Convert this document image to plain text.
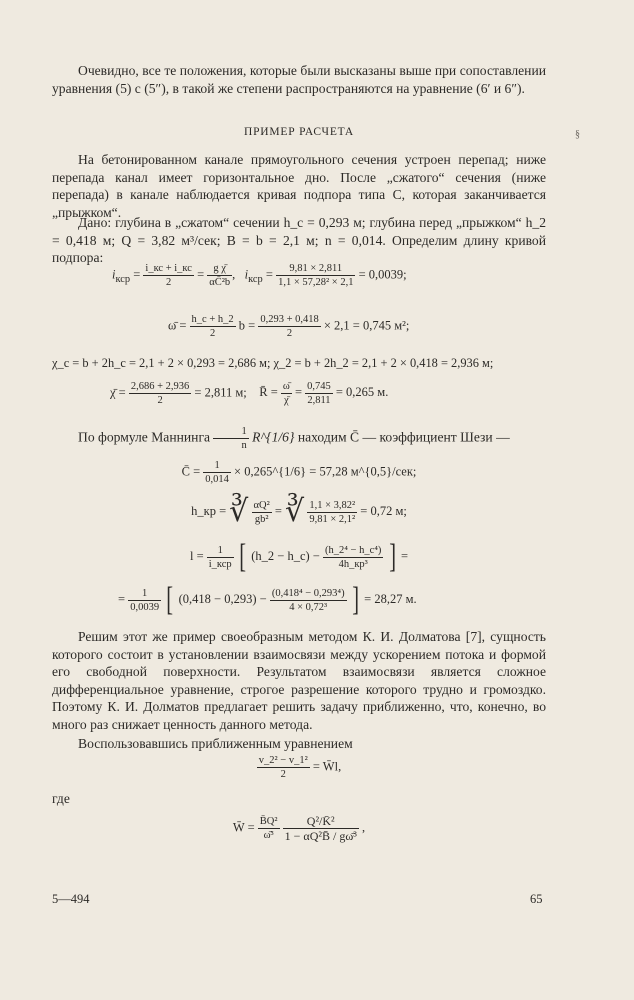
Очевидно, все те положения, которые были высказаны выше при сопоставлении уравнения (5) с (5″), в такой же степени распространяются на уравнение (6′ и 6″).

ПРИМЕР РАСЧЕТА	§

На бетонированном канале прямоугольного сечения устроен перепад; ниже перепада канал имеет горизонтальное дно. После „сжатого“ сечения (ниже перепада) в канале наблюдается кривая подпора типа C, которая заканчивается „прыжком“.

Дано: глубина в „сжатом“ сечении h_c = 0,293 м; глубина перед „прыжком“ h_2 = 0,418 м; Q = 3,82 м³/сек; B = b = 2,1 м; n = 0,014. Определим длину кривой подпора:

$i_{кср} = \frac{i\_кс + i\_кс}{2} = \frac{\text{g χ̄}}{\text{αC̄²b}}$ ,   $i_{кср} = \frac{9,81 \times 2,811}{\text{1,1 × 57,28² × 2,1}} = 0,0039$;
ω̄ = $\frac{h\_c + h\_2}{2}$ $b = \frac{0,293 + 0,418}{2} \times 2,1 = 0,745$ м²;
χ_c = b + 2h_c = 2,1 + 2 × 0,293 = 2,686 м; χ_2 = b + 2h_2 = 2,1 + 2 × 0,418 = 2,936 м;
χ̄ = $\frac{2,686 + 2,936}{2} = 2,811$ м; R̄ = $\frac{\omegā}{\chī} = \frac{0,745}{2,811} = 0,265$ м.

По формуле Маннинга $\frac{1}{n}$ R^{1/6} находим C̄ — коэффициент Шези —

C̄ = $\frac{1}{0,014}$ × 0,265^{1/6} = 57,28 м^{0,5}/сек;
h_кр = ∛ $\frac{\text{αQ²}}{\text{gb²}}$ = ∛ $\frac{\text{1,1 × 3,82²}}{\text{9,81 × 2,1²}} = 0,72$ м;
$l = \frac{1}{\text{i\_кср}}$ [ (h_2 − h_c) − $\frac{\text{(h\_2⁴ − h\_c⁴)}}{\text{4h\_кр³}}$ ] =
= $\frac{1}{0,0039}$ [ $(0,418 - 0,293) - \frac{\text{(0,418⁴ − 0,293⁴)}}{\text{4 × 0,72³}}$ ] = 28,27 м.

Решим этот же пример своеобразным методом К. И. Долматова [7], сущность которого состоит в установлении взаимосвязи между ускорением потока и формой его свободной поверхности. Результатом взаимосвязи является сложное дифференциальное уравнение, строгое разрешение которого трудно и громоздко. Поэтому К. И. Долматов предлагает решить задачу приближенно, что, конечно, во много раз снижает ценность данного метода.

Воспользовавшись приближенным уравнением

$\frac{\text{v\_2² − v\_1²}}{2}$ = W̄l,

где

W̄ = $\frac{\text{B̄Q²}}{\text{ω̄³}}$
$\frac{\text{Q²/K̄²}}{\text{1 − αQ²B̄ / gω̄³}}$ ,
5—494	65
